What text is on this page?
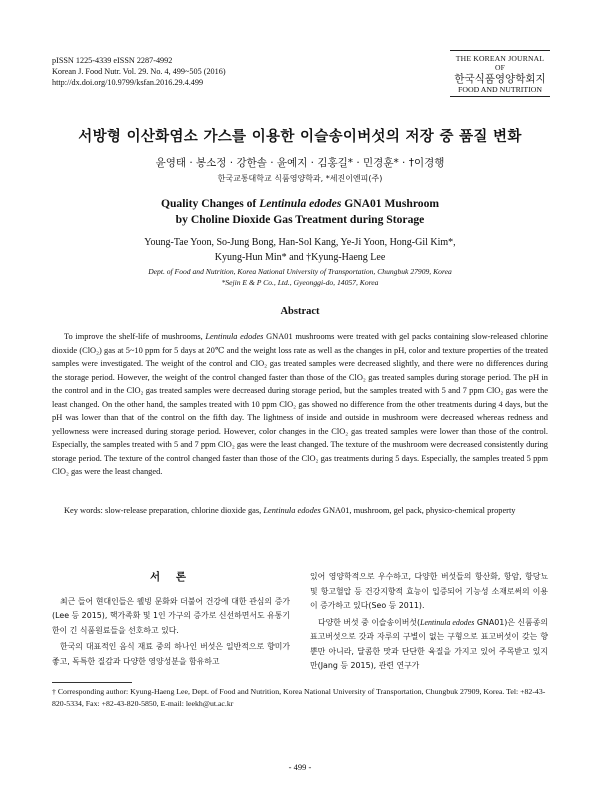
pISSN 1225-4339 eISSN 2287-4992
Korean J. Food Nutr. Vol. 29. No. 4, 499~505 (2016)
http://dx.doi.org/10.9799/ksfan.2016.29.4.499
THE KOREAN JOURNAL OF
한국식품영양학회지
FOOD AND NUTRITION
서방형 이산화염소 가스를 이용한 이슬송이버섯의 저장 중 품질 변화
윤영태 · 봉소정 · 강한솔 · 윤예지 · 김홍길* · 민경훈* · †이경행
한국교통대학교 식품영양학과, *세진이엔피(주)
Quality Changes of Lentinula edodes GNA01 Mushroom
by Choline Dioxide Gas Treatment during Storage
Young-Tae Yoon, So-Jung Bong, Han-Sol Kang, Ye-Ji Yoon, Hong-Gil Kim*,
Kyung-Hun Min* and †Kyung-Haeng Lee
Dept. of Food and Nutrition, Korea National University of Transportation, Chungbuk 27909, Korea
*Sejin E & P Co., Ltd., Gyeonggi-do, 14057, Korea
Abstract
To improve the shelf-life of mushrooms, Lentinula edodes GNA01 mushrooms were treated with gel packs containing slow-released chlorine dioxide (ClO₂) gas at 5~10 ppm for 5 days at 20℃ and the weight loss rate as well as the changes in pH, color and texture properties of the treated samples were investigated. The weight of the control and ClO₂ gas treated samples were decreased slightly, and there were no differences during the storage period. However, the weight of the control changed faster than those of the ClO₂ gas treated samples during storage period. The pH in the control and in the ClO₂ gas treated samples were decreased during storage period, but the samples treated with 5 and 7 ppm ClO₂ gas were the least changed. On the other hand, the samples treated with 10 ppm ClO₂ gas showed no difference from the other treatments during 4 days, but the pH was lower than that of the control on the fifth day. The lightness of inside and outside in mushroom were decreased whereas redness and yellowness were increased during storage period. However, color changes in the ClO₂ gas treated samples were lower than those of the control. Especially, the samples treated with 5 and 7 ppm ClO₂ gas were the least changed. The texture of the mushroom were decreased consistently during storage period. The texture of the control changed faster than those of the ClO₂ gas treatments during 5 days. Especially, the samples treated 5 ppm ClO₂ gas were the least changed.
Key words: slow-release preparation, chlorine dioxide gas, Lentinula edodes GNA01, mushroom, gel pack, physico-chemical property
서 론

최근 들어 현대인들은 웰빙 문화와 더불어 건강에 대한 관심의 증가(Lee 등 2015), 핵가족화 및 1인 가구의 증가로 신선하면서도 유통기한이 긴 식품원료들을 선호하고 있다.

한국의 대표적인 음식 재료 중의 하나인 버섯은 일반적으로 향미가 좋고, 독특한 질감과 다양한 영양성분을 함유하고

있어 영양학적으로 우수하고, 다양한 버섯들의 항산화, 항암, 항당뇨 및 항고혈압 등 건강지향적 효능이 입증되어 기능성 소재로써의 이용이 증가하고 있다(Seo 등 2011).

다양한 버섯 중 이슬송이버섯(Lentinula edodes GNA01)은 신품종의 표고버섯으로 갓과 자루의 구별이 없는 구형으로 표고버섯이 갖는 향뿐만 아니라, 달콤한 맛과 단단한 육질을 가지고 있어 주목받고 있지만(Jang 등 2015), 관련 연구가

† Corresponding author: Kyung-Haeng Lee, Dept. of Food and Nutrition, Korea National University of Transportation, Chungbuk 27909, Korea. Tel: +82-43-820-5334, Fax: +82-43-820-5850, E-mail: leekh@ut.ac.kr
- 499 -
